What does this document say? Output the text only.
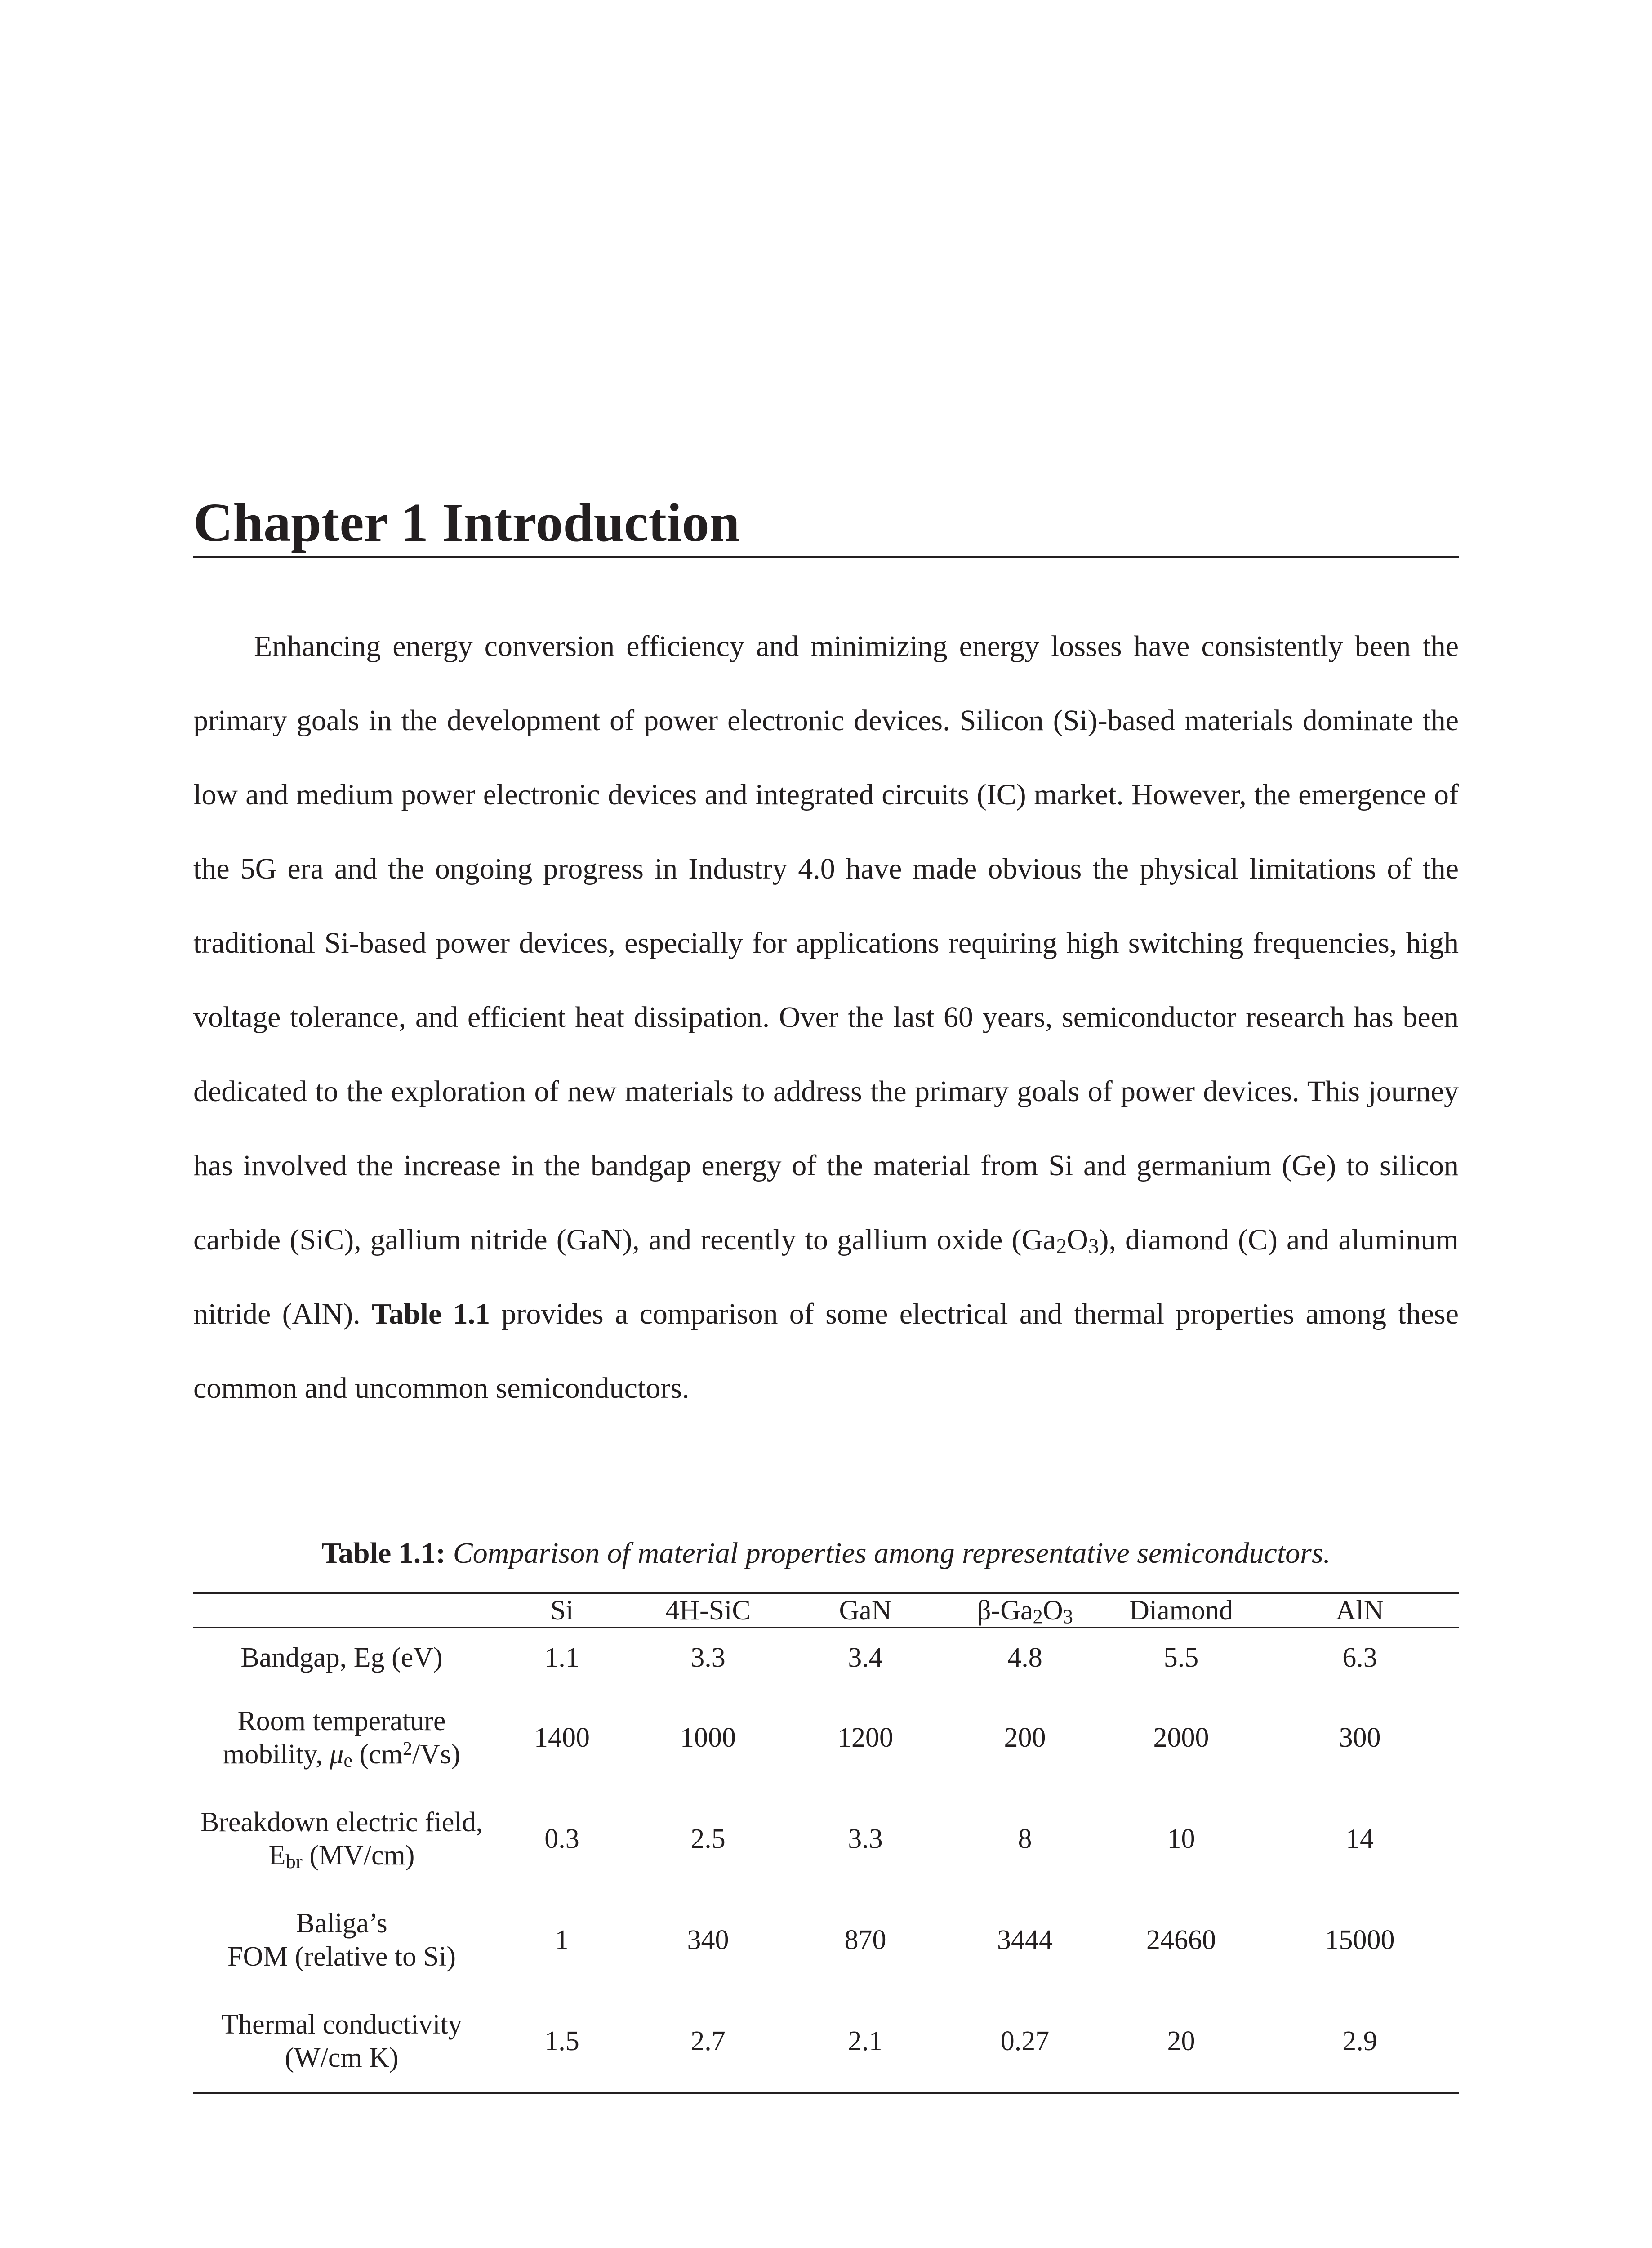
Chapter 1 Introduction

Enhancing energy conversion efficiency and minimizing energy losses have consistently been the primary goals in the development of power electronic devices. Silicon (Si)-based materials dominate the low and medium power electronic devices and integrated circuits (IC) market. However, the emergence of the 5G era and the ongoing progress in Industry 4.0 have made obvious the physical limitations of the traditional Si-based power devices, especially for applications requiring high switching frequencies, high voltage tolerance, and efficient heat dissipation. Over the last 60 years, semiconductor research has been dedicated to the exploration of new materials to address the primary goals of power devices. This journey has involved the increase in the bandgap energy of the material from Si and germanium (Ge) to silicon carbide (SiC), gallium nitride (GaN), and recently to gallium oxide (Ga2O3), diamond (C) and aluminum nitride (AlN). Table 1.1 provides a comparison of some electrical and thermal properties among these common and uncommon semiconductors.

Table 1.1: Comparison of material properties among representative semiconductors.
	Si	4H-SiC	GaN	β-Ga2O3	Diamond	AlN
Bandgap, Eg (eV)	1.1	3.3	3.4	4.8	5.5	6.3

Room temperature
mobility, μe $(cm^2/Vs)$	1400	1000	1200	200	2000	300

Breakdown electric field,
Ebr (MV/cm)	0.3	2.5	3.3	8	10	14

Baliga’s
FOM (relative to Si)	1	340	870	3444	24660	15000

Thermal conductivity
(W/cm K)	1.5	2.7	2.1	0.27	20	2.9
